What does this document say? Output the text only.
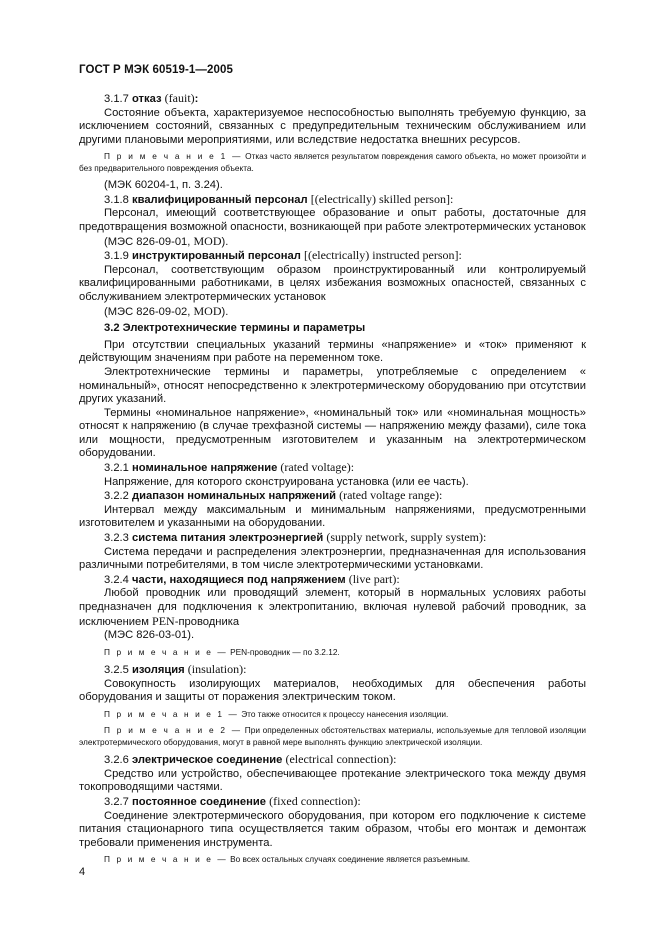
ГОСТ Р МЭК 60519-1—2005

3.1.7 отказ (fauit):

Состояние объекта, характеризуемое неспособностью выполнять требуемую функцию, за исключением состояний, связанных с предупредительным техническим обслуживанием или другими плановыми мероприятиями, или вследствие недостатка внешних ресурсов.

П р и м е ч а н и е 1 — Отказ часто является результатом повреждения самого объекта, но может произойти и без предварительного повреждения объекта.

(МЭК 60204-1, п. 3.24).

3.1.8 квалифицированный персонал [(electrically) skilled person]:

Персонал, имеющий соответствующее образование и опыт работы, достаточные для предотвращения возможной опасности, возникающей при работе электротермических установок

(МЭС 826-09-01, MOD).

3.1.9 инструктированный персонал [(electrically) instructed person]:

Персонал, соответствующим образом проинструктированный или контролируемый квалифицированными работниками, в целях избежания возможных опасностей, связанных с обслуживанием электротермических установок

(МЭС 826-09-02, MOD).

3.2 Электротехнические термины и параметры

При отсутствии специальных указаний термины «напряжение» и «ток» применяют к действующим значениям при работе на переменном токе.

Электротехнические термины и параметры, употребляемые с определением « номинальный», относят непосредственно к электротермическому оборудованию при отсутствии других указаний.

Термины «номинальное напряжение», «номинальный ток» или «номинальная мощность» относят к напряжению (в случае трехфазной системы — напряжению между фазами), силе тока или мощности, предусмотренным изготовителем и указанным на электротермическом оборудовании.

3.2.1 номинальное напряжение (rated voltage):

Напряжение, для которого сконструирована установка (или ее часть).

3.2.2 диапазон номинальных напряжений (rated voltage range):

Интервал между максимальным и минимальным напряжениями, предусмотренными изготовителем и указанными на оборудовании.

3.2.3 система питания электроэнергией (supply network, supply system):

Система передачи и распределения электроэнергии, предназначенная для использования различными потребителями, в том числе электротермическими установками.

3.2.4 части, находящиеся под напряжением (live part):

Любой проводник или проводящий элемент, который в нормальных условиях работы предназначен для подключения к электропитанию, включая нулевой рабочий проводник, за исключением PEN-проводника

(МЭС 826-03-01).

П р и м е ч а н и е — PEN-проводник — по 3.2.12.

3.2.5 изоляция (insulation):

Совокупность изолирующих материалов, необходимых для обеспечения работы оборудования и защиты от поражения электрическим током.

П р и м е ч а н и е 1 — Это также относится к процессу нанесения изоляции.

П р и м е ч а н и е 2 — При определенных обстоятельствах материалы, используемые для тепловой изоляции электротермического оборудования, могут в равной мере выполнять функцию электрической изоляции.

3.2.6 электрическое соединение (electrical connection):

Средство или устройство, обеспечивающее протекание электрического тока между двумя токопроводящими частями.

3.2.7 постоянное соединение (fixed connection):

Соединение электротермического оборудования, при котором его подключение к системе питания стационарного типа осуществляется таким образом, чтобы его монтаж и демонтаж требовали применения инструмента.

П р и м е ч а н и е — Во всех остальных случаях соединение является разъемным.

4
